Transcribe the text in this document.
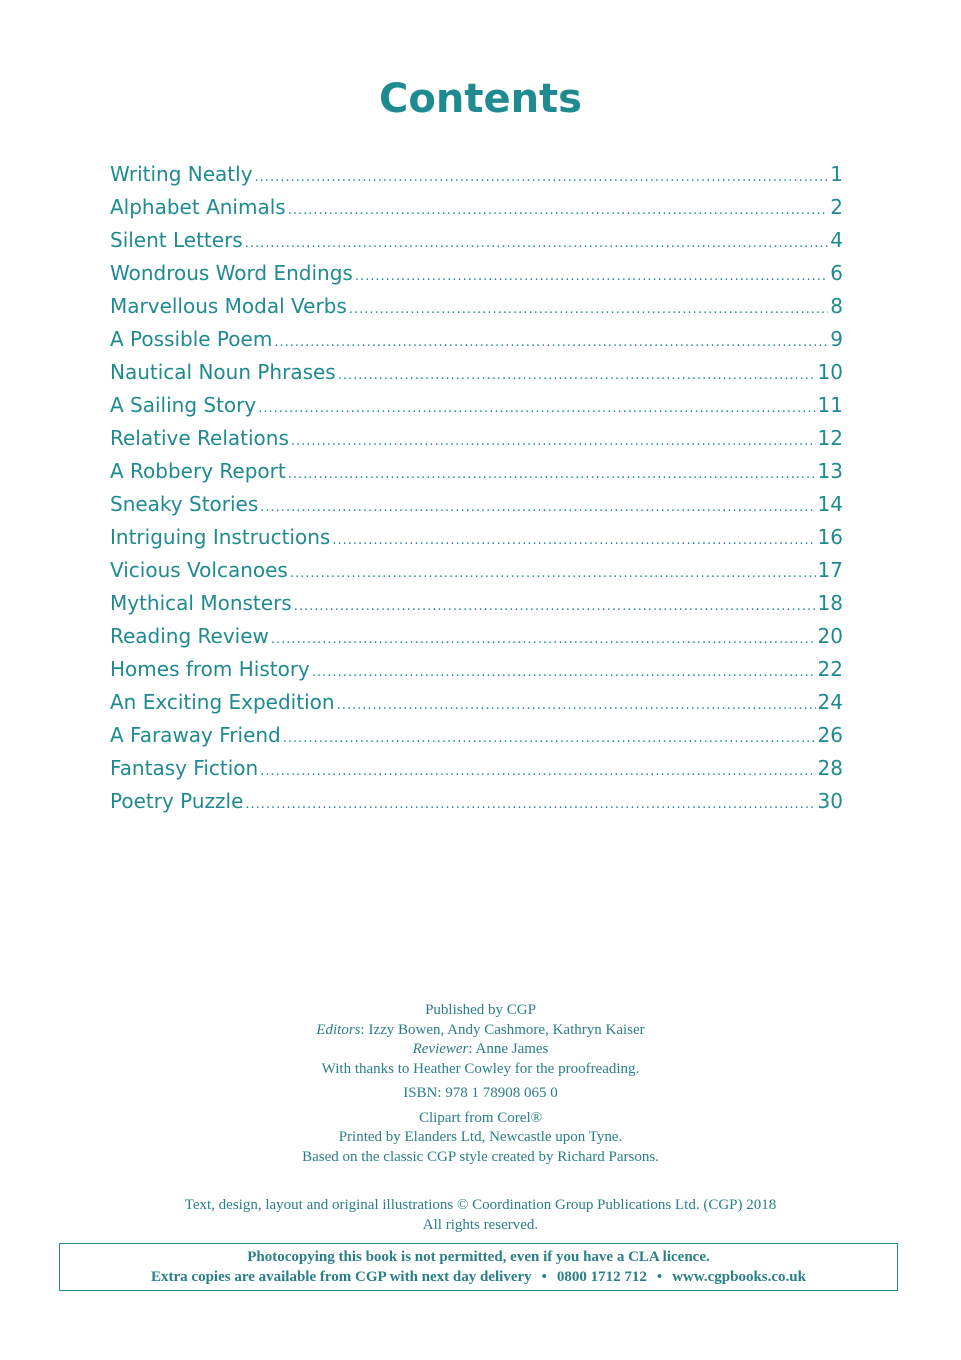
Contents
Writing Neatly .....	1
Alphabet Animals .....	2
Silent Letters .....	4
Wondrous Word Endings .....	6
Marvellous Modal Verbs .....	8
A Possible Poem .....	9
Nautical Noun Phrases .....	10
A Sailing Story .....	11
Relative Relations .....	12
A Robbery Report .....	13
Sneaky Stories .....	14
Intriguing Instructions .....	16
Vicious Volcanoes .....	17
Mythical Monsters .....	18
Reading Review .....	20
Homes from History .....	22
An Exciting Expedition .....	24
A Faraway Friend .....	26
Fantasy Fiction .....	28
Poetry Puzzle .....	30
Published by CGP
Editors: Izzy Bowen, Andy Cashmore, Kathryn Kaiser
Reviewer: Anne James
With thanks to Heather Cowley for the proofreading.
ISBN: 978 1 78908 065 0
Clipart from Corel®
Printed by Elanders Ltd, Newcastle upon Tyne.
Based on the classic CGP style created by Richard Parsons.
Text, design, layout and original illustrations © Coordination Group Publications Ltd. (CGP) 2018
All rights reserved.
Photocopying this book is not permitted, even if you have a CLA licence.
Extra copies are available from CGP with next day delivery • 0800 1712 712 • www.cgpbooks.co.uk
